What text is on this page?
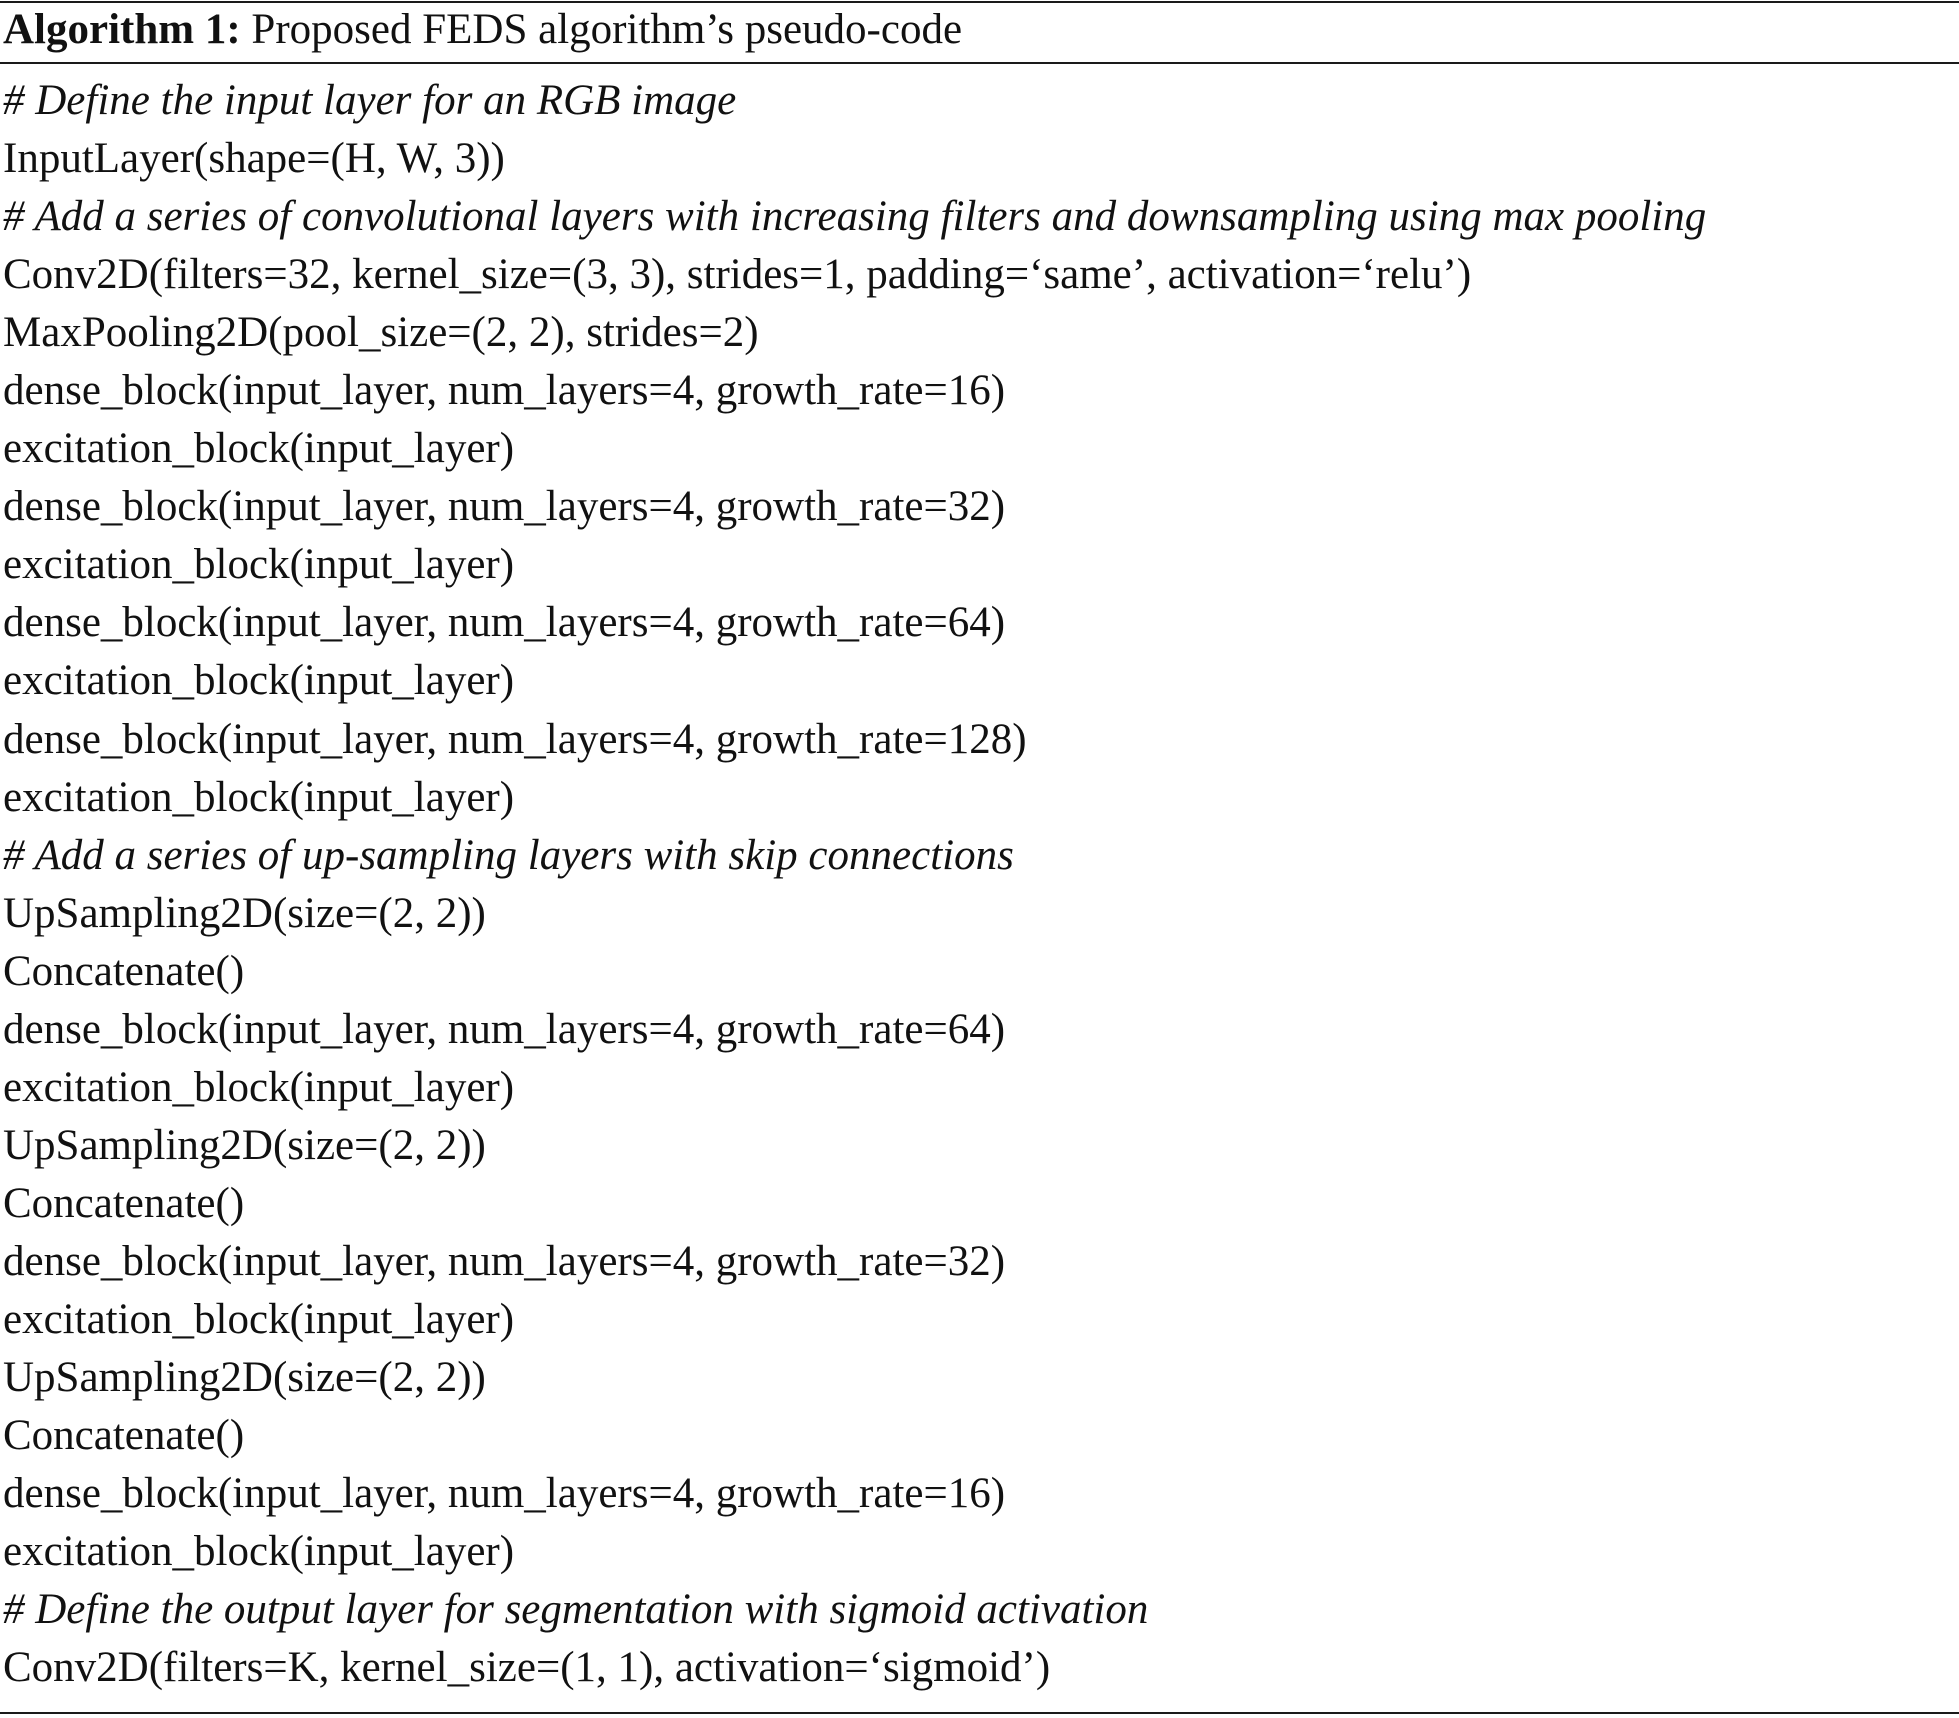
Algorithm 1: Proposed FEDS algorithm’s pseudo-code
# Define the input layer for an RGB image
InputLayer(shape=(H, W, 3))
# Add a series of convolutional layers with increasing filters and downsampling using max pooling
Conv2D(filters=32, kernel_size=(3, 3), strides=1, padding=‘same’, activation=‘relu’)
MaxPooling2D(pool_size=(2, 2), strides=2)
dense_block(input_layer, num_layers=4, growth_rate=16)
excitation_block(input_layer)
dense_block(input_layer, num_layers=4, growth_rate=32)
excitation_block(input_layer)
dense_block(input_layer, num_layers=4, growth_rate=64)
excitation_block(input_layer)
dense_block(input_layer, num_layers=4, growth_rate=128)
excitation_block(input_layer)
# Add a series of up-sampling layers with skip connections
UpSampling2D(size=(2, 2))
Concatenate()
dense_block(input_layer, num_layers=4, growth_rate=64)
excitation_block(input_layer)
UpSampling2D(size=(2, 2))
Concatenate()
dense_block(input_layer, num_layers=4, growth_rate=32)
excitation_block(input_layer)
UpSampling2D(size=(2, 2))
Concatenate()
dense_block(input_layer, num_layers=4, growth_rate=16)
excitation_block(input_layer)
# Define the output layer for segmentation with sigmoid activation
Conv2D(filters=K, kernel_size=(1, 1), activation=‘sigmoid’)
